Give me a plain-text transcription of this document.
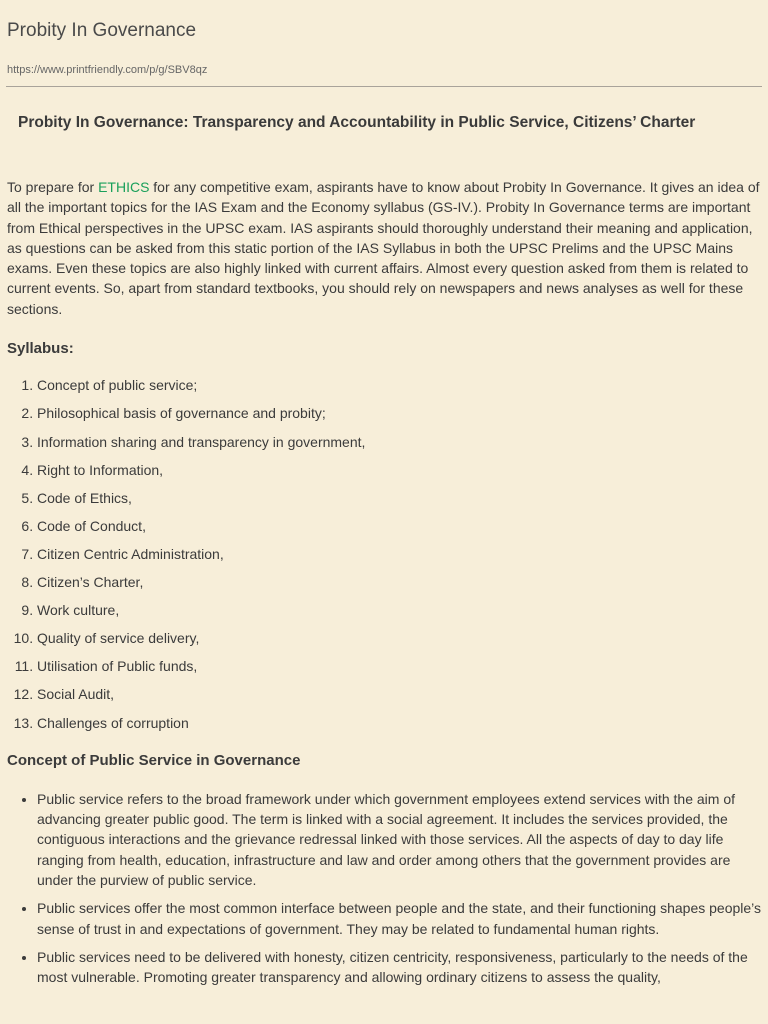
Probity In Governance
https://www.printfriendly.com/p/g/SBV8qz
Probity In Governance: Transparency and Accountability in Public Service, Citizens’ Charter

To prepare for ETHICS for any competitive exam, aspirants have to know about Probity In Governance. It gives an idea of all the important topics for the IAS Exam and the Economy syllabus (GS-IV.). Probity In Governance terms are important from Ethical perspectives in the UPSC exam. IAS aspirants should thoroughly understand their meaning and application, as questions can be asked from this static portion of the IAS Syllabus in both the UPSC Prelims and the UPSC Mains exams. Even these topics are also highly linked with current affairs. Almost every question asked from them is related to current events. So, apart from standard textbooks, you should rely on newspapers and news analyses as well for these sections.

Syllabus:
1. Concept of public service;
2. Philosophical basis of governance and probity;
3. Information sharing and transparency in government,
4. Right to Information,
5. Code of Ethics,
6. Code of Conduct,
7. Citizen Centric Administration,
8. Citizen’s Charter,
9. Work culture,
10. Quality of service delivery,
11. Utilisation of Public funds,
12. Social Audit,
13. Challenges of corruption
Concept of Public Service in Governance
• Public service refers to the broad framework under which government employees extend services with the aim of advancing greater public good. The term is linked with a social agreement. It includes the services provided, the contiguous interactions and the grievance redressal linked with those services. All the aspects of day to day life ranging from health, education, infrastructure and law and order among others that the government provides are under the purview of public service.
• Public services offer the most common interface between people and the state, and their functioning shapes people’s sense of trust in and expectations of government. They may be related to fundamental human rights.
• Public services need to be delivered with honesty, citizen centricity, responsiveness, particularly to the needs of the most vulnerable. Promoting greater transparency and allowing ordinary citizens to assess the quality,
